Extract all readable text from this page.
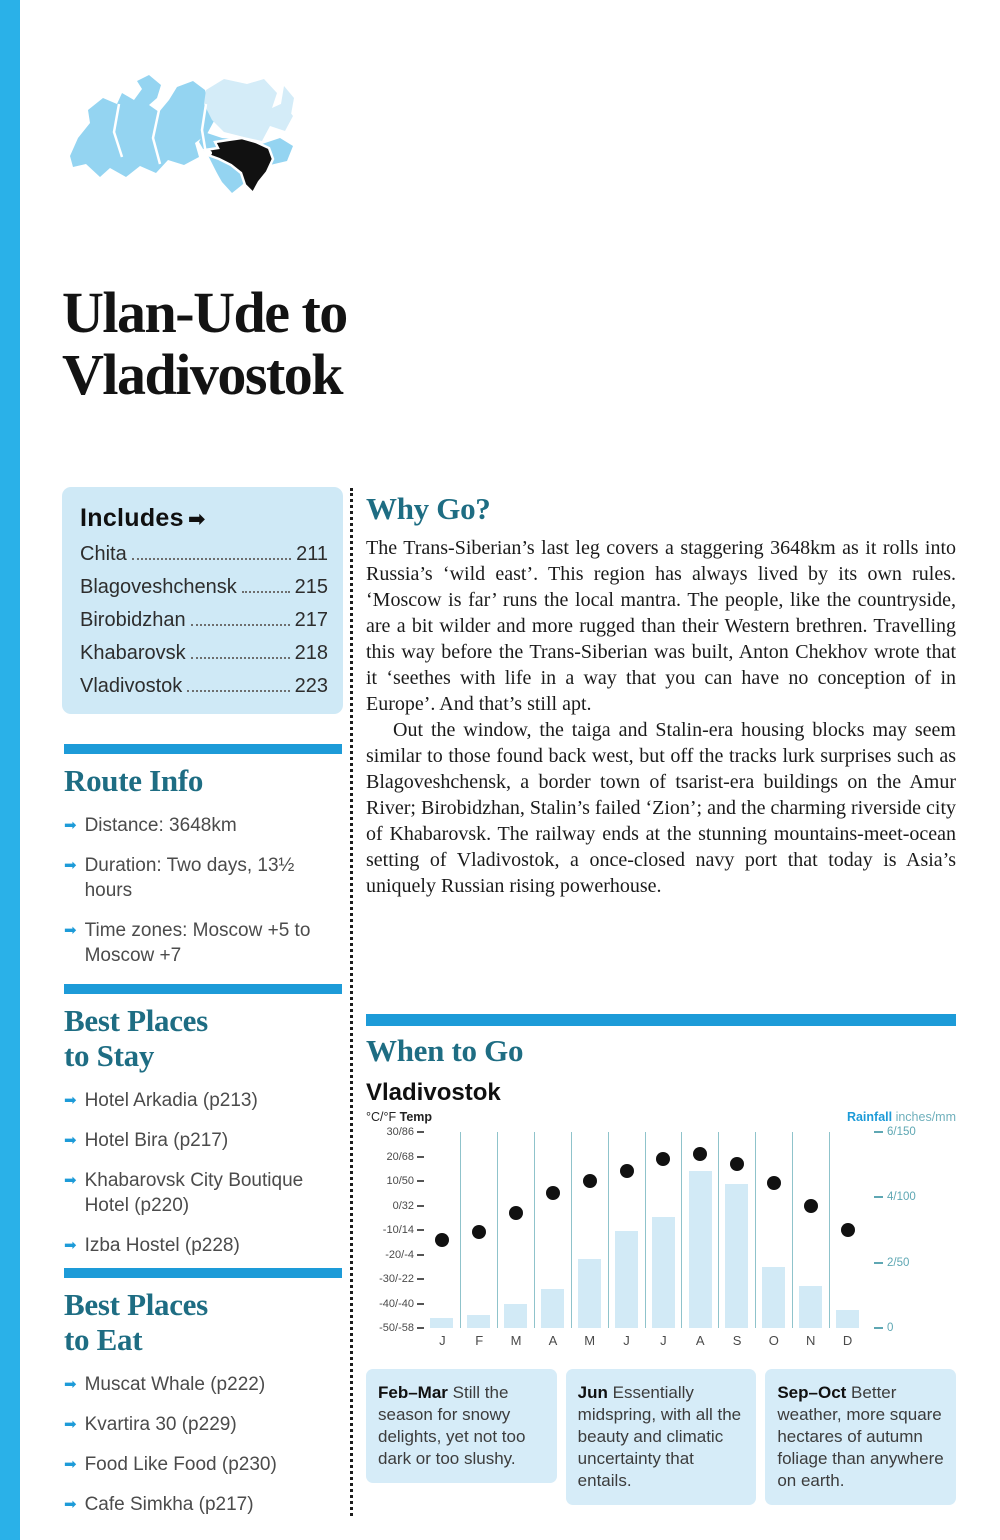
Ulan-Ude to
Vladivostok
Includes ➡
Chita	211
Blagoveshchensk	215
Birobidzhan	217
Khabarovsk	218
Vladivostok	223
Route Info
➡ Distance: 3648km
➡ Duration: Two days, 13½ hours
➡ Time zones: Moscow +5 to Moscow +7
Best Places
to Stay
➡ Hotel Arkadia (p213)
➡ Hotel Bira (p217)
➡ Khabarovsk City Boutique Hotel (p220)
➡ Izba Hostel (p228)
Best Places
to Eat
➡ Muscat Whale (p222)
➡ Kvartira 30 (p229)
➡ Food Like Food (p230)
➡ Cafe Simkha (p217)
Why Go?

The Trans-Siberian’s last leg covers a staggering 3648km as it rolls into Russia’s ‘wild east’. This region has always lived by its own rules. ‘Moscow is far’ runs the local mantra. The people, like the countryside, are a bit wilder and more rugged than their Western brethren. Travelling this way before the Trans-Siberian was built, Anton Chekhov wrote that it ‘seethes with life in a way that you can have no conception of in Europe’. And that’s still apt.

Out the window, the taiga and Stalin-era housing blocks may seem similar to those found back west, but off the tracks lurk surprises such as Blagoveshchensk, a border town of tsarist-era buildings on the Amur River; Birobidzhan, Stalin’s failed ‘Zion’; and the charming riverside city of Khabarovsk. The railway ends at the stunning mountains-meet-ocean setting of Vladivostok, a once-closed navy port that today is Asia’s uniquely Russian rising powerhouse.

When to Go
Vladivostok
°C/°F Temp	Rainfall inches/mm
30/86
20/68
10/50
0/32
-10/14
-20/-4
-30/-22
-40/-40
-50/-58
6/150
4/100
2/50
0
J	F	M	A	M	J	J	A	S	O	N	D

Feb–Mar Still the season for snowy delights, yet not too dark or too slushy.

Jun Essentially midspring, with all the beauty and climatic uncertainty that entails.

Sep–Oct Better weather, more square hectares of autumn foliage than anywhere on earth.
